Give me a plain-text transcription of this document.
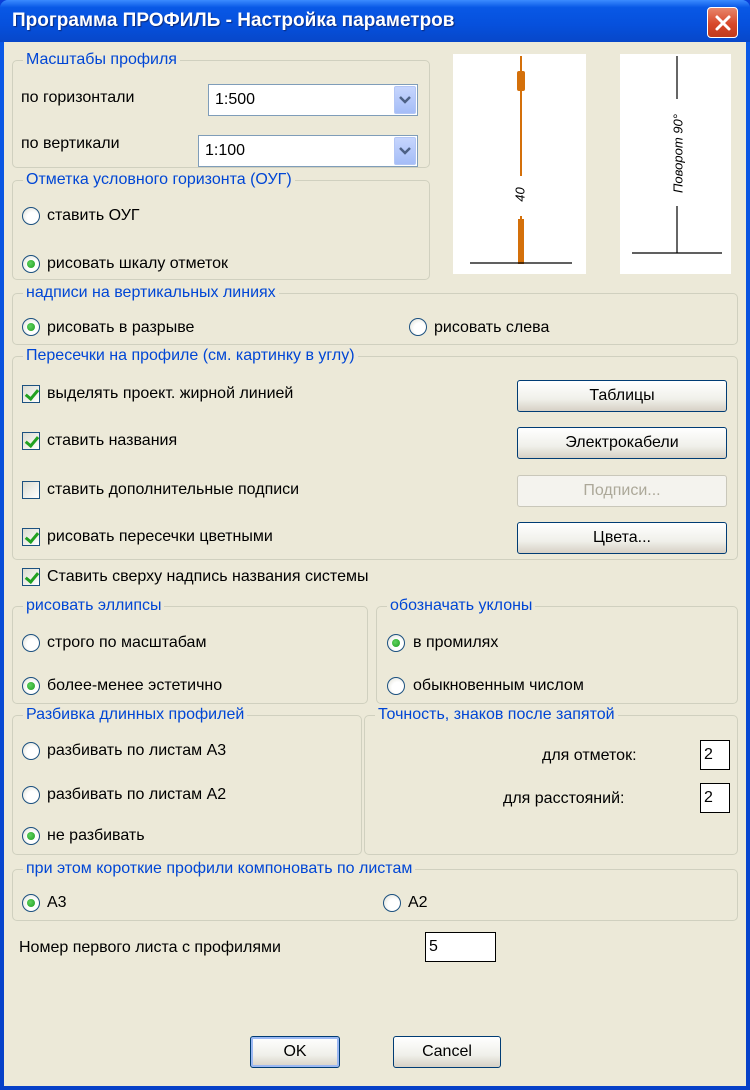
Программа ПРОФИЛЬ - Настройка параметров
Масштабы профиля
по горизонтали	1:500
по вертикали	1:100
Отметка условного горизонта (ОУГ)
ставить ОУГ
рисовать шкалу отметок
40
Поворот 90°
надписи на вертикальных линиях
рисовать в разрыве	рисовать слева
Пересечки на профиле (см. картинку в углу)
выделять проект. жирной линией
ставить названия
ставить дополнительные подписи
рисовать пересечки цветными
Таблицы
Электрокабели
Подписи...
Цвета...
Ставить сверху надпись названия системы
рисовать эллипсы
строго по масштабам
более-менее эстетично
обозначать уклоны
в промилях
обыкновенным числом
Разбивка длинных профилей
разбивать по листам А3
разбивать по листам А2
не разбивать
Точность, знаков после запятой
для отметок:	2
для расстояний:	2
при этом короткие профили компоновать по листам
А3	А2
Номер первого листа с профилями	5
OK	Cancel
